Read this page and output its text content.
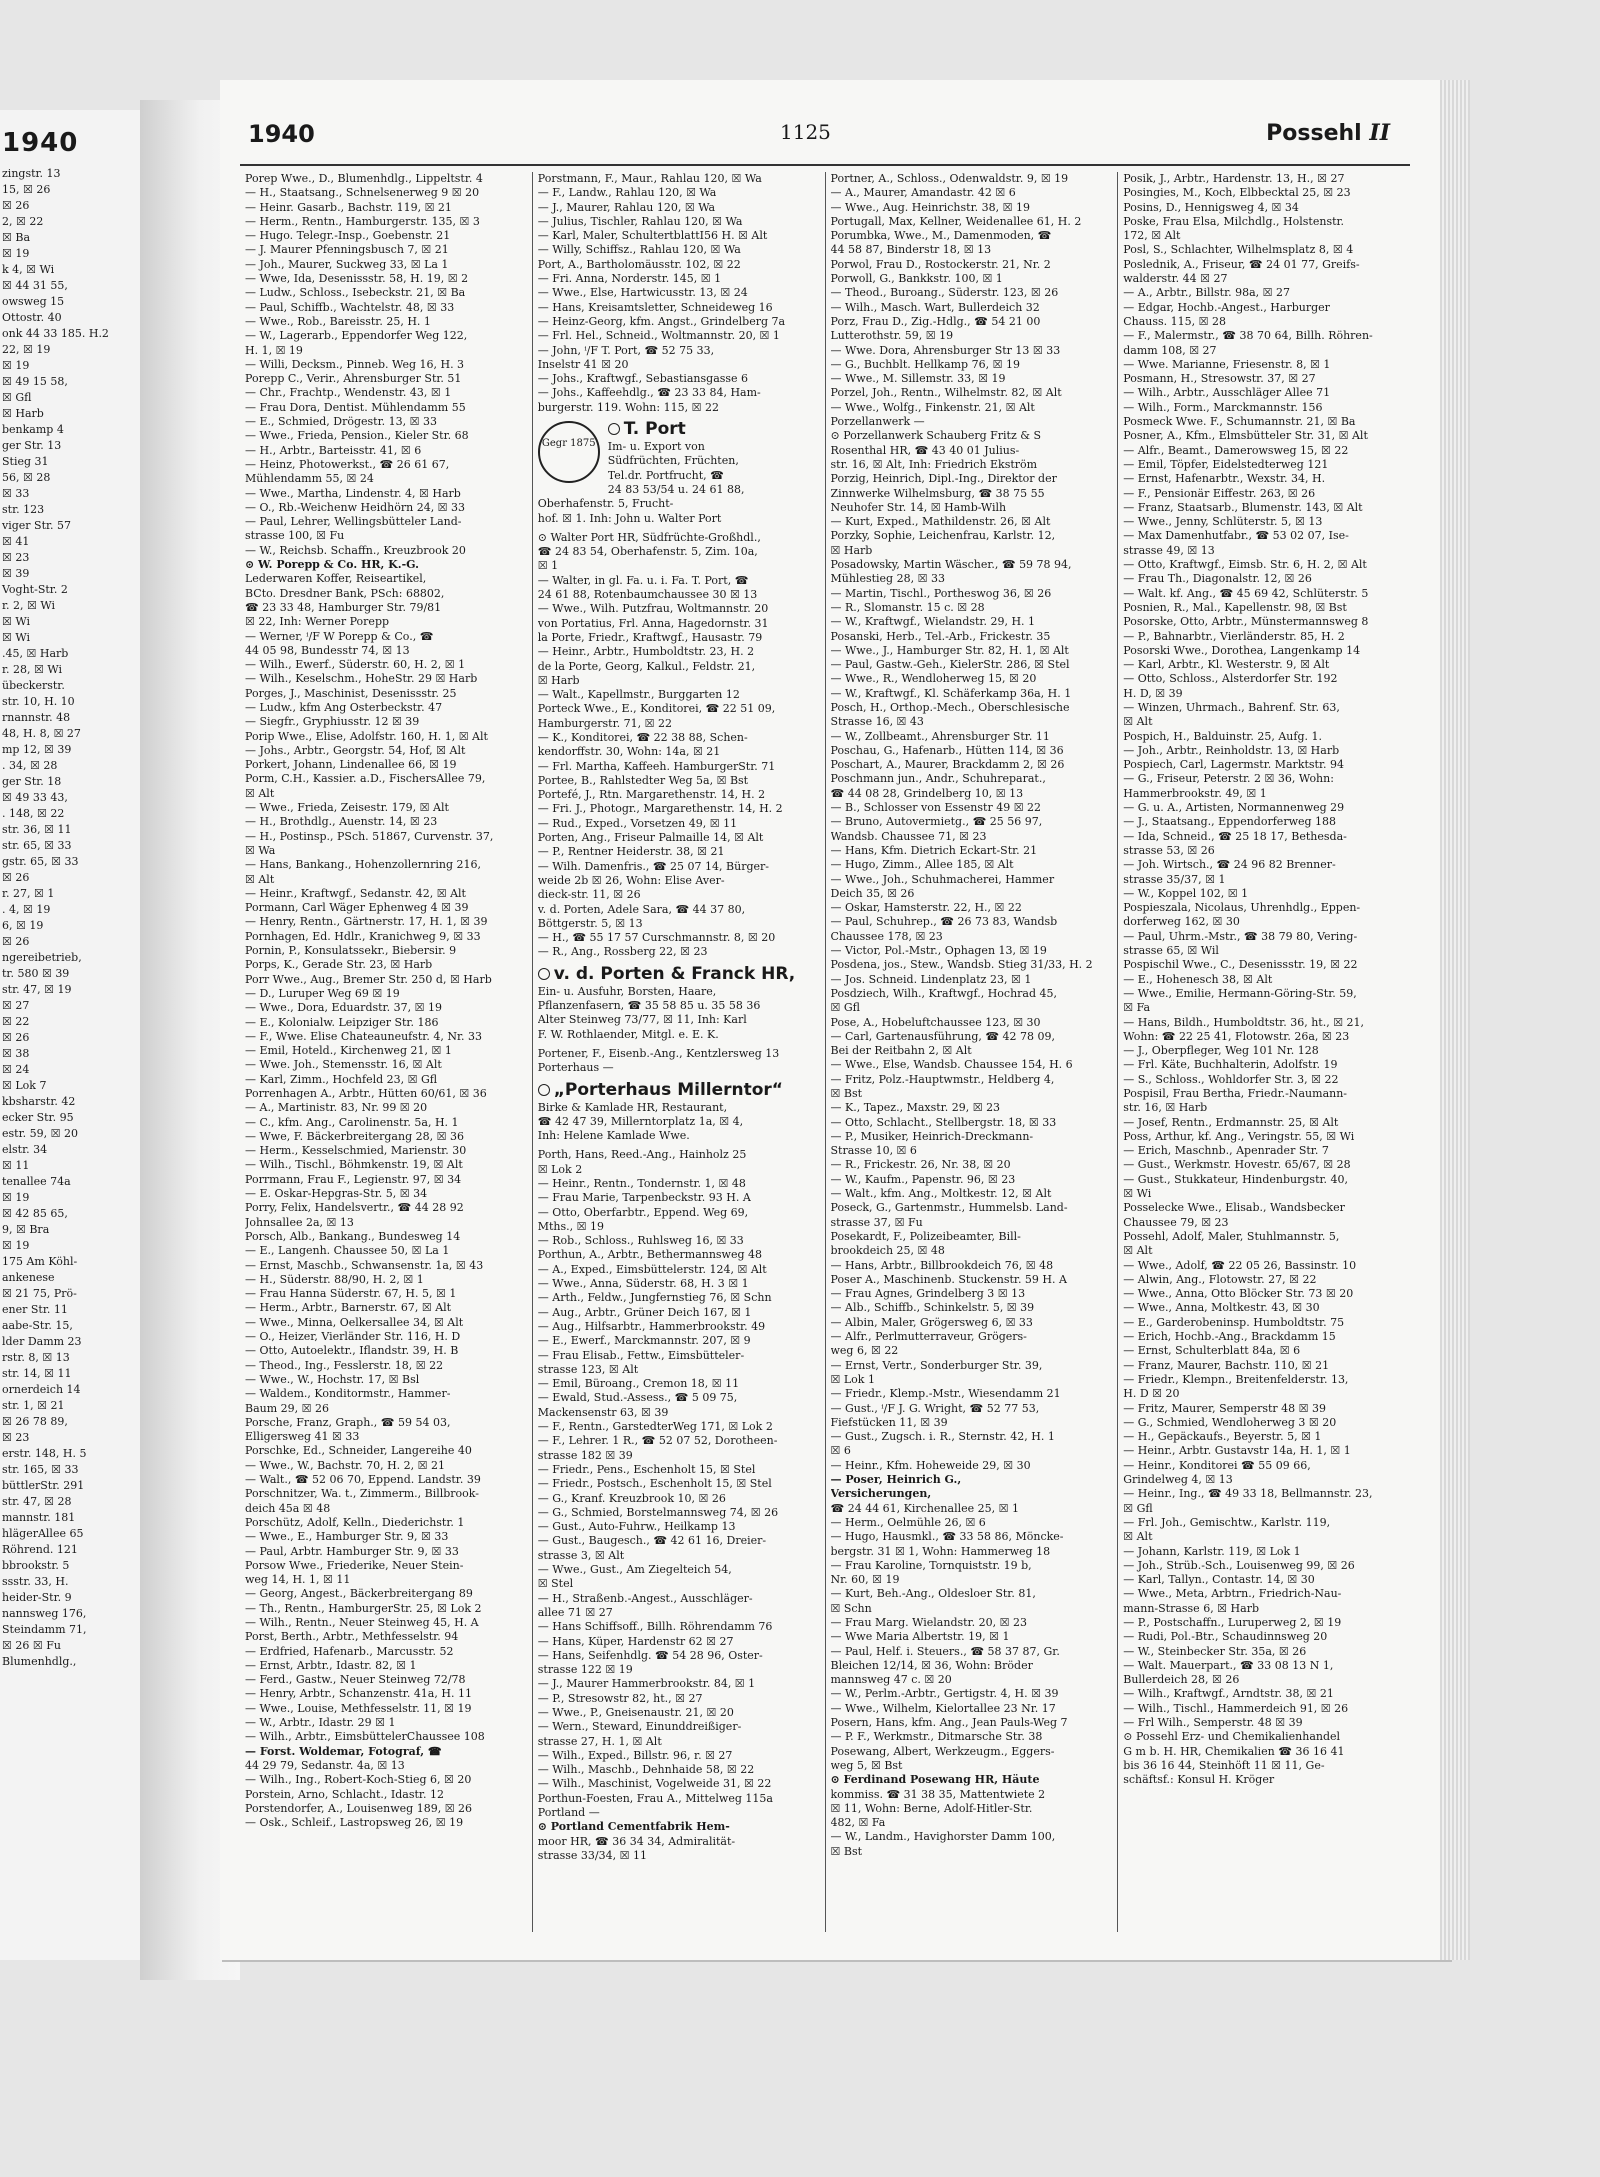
1940
zingstr. 13
15, ☒ 26
☒ 26
2, ☒ 22
☒ Ba
☒ 19
k 4, ☒ Wi
☒ 44 31 55,
owsweg 15
Ottostr. 40
onk 44 33 185. H.2
22, ☒ 19
☒ 19
☒ 49 15 58,
☒ Gfl
☒ Harb
benkamp 4
ger Str. 13
Stieg 31
56, ☒ 28
☒ 33
str. 123
viger Str. 57
☒ 41
☒ 23
☒ 39
Voght-Str. 2
r. 2, ☒ Wi
☒ Wi
☒ Wi
.45, ☒ Harb
r. 28, ☒ Wi
übeckerstr.
str. 10, H. 10
rnannstr. 48
48, H. 8, ☒ 27
mp 12, ☒ 39
. 34, ☒ 28
ger Str. 18
☒ 49 33 43,
. 148, ☒ 22
str. 36, ☒ 11
str. 65, ☒ 33
gstr. 65, ☒ 33
☒ 26
r. 27, ☒ 1
. 4, ☒ 19
6, ☒ 19
☒ 26
ngereibetrieb,
tr. 580 ☒ 39
str. 47, ☒ 19
☒ 27
☒ 22
☒ 26
☒ 38
☒ 24
☒ Lok 7
kbsharstr. 42
ecker Str. 95
estr. 59, ☒ 20
elstr. 34
☒ 11
tenallee 74a
☒ 19
☒ 42 85 65,
9, ☒ Bra
☒ 19
175 Am Köhl-
ankenese
☒ 21 75, Prö-
ener Str. 11
aabe-Str. 15,
lder Damm 23
rstr. 8, ☒ 13
str. 14, ☒ 11
ornerdeich 14
str. 1, ☒ 21
☒ 26 78 89,
☒ 23
erstr. 148, H. 5
str. 165, ☒ 33
büttlerStr. 291
str. 47, ☒ 28
mannstr. 181
hlägerAllee 65
Röhrend. 121
bbrookstr. 5
ssstr. 33, H.
heider-Str. 9
nannsweg 176,
Steindamm 71,
☒ 26 ☒ Fu
Blumenhdlg.,
1940	1125	Possehl II
Porep Wwe., D., Blumenhdlg., Lippeltstr. 4
— H., Staatsang., Schnelsenerweg 9 ☒ 20
— Heinr. Gasarb., Bachstr. 119, ☒ 21
— Herm., Rentn., Hamburgerstr. 135, ☒ 3
— Hugo. Telegr.-Insp., Goebenstr. 21
— J. Maurer Pfenningsbusch 7, ☒ 21
— Joh., Maurer, Suckweg 33, ☒ La 1
— Wwe, Ida, Desenissstr. 58, H. 19, ☒ 2
— Ludw., Schloss., Isebeckstr. 21, ☒ Ba
— Paul, Schiffb., Wachtelstr. 48, ☒ 33
— Wwe., Rob., Bareisstr. 25, H. 1
— W., Lagerarb., Eppendorfer Weg 122,
H. 1, ☒ 19
— Willi, Decksm., Pinneb. Weg 16, H. 3
Porepp C., Verir., Ahrensburger Str. 51
— Chr., Frachtp., Wendenstr. 43, ☒ 1
— Frau Dora, Dentist. Mühlendamm 55
— E., Schmied, Drögestr. 13, ☒ 33
— Wwe., Frieda, Pension., Kieler Str. 68
— H., Arbtr., Barteisstr. 41, ☒ 6
— Heinz, Photowerkst., ☎ 26 61 67,
Mühlendamm 55, ☒ 24
— Wwe., Martha, Lindenstr. 4, ☒ Harb
— O., Rb.-Weichenw Heidhörn 24, ☒ 33
— Paul, Lehrer, Wellingsbütteler Land-
strasse 100, ☒ Fu
— W., Reichsb. Schaffn., Kreuzbrook 20
⊙ W. Porepp & Co. HR, K.-G.
Lederwaren Koffer, Reiseartikel,
BCto. Dresdner Bank, PSch: 68802,
☎ 23 33 48, Hamburger Str. 79/81
☒ 22, Inh: Werner Porepp
— Werner, ⁱ/F W Porepp & Co., ☎
44 05 98, Bundesstr 74, ☒ 13
— Wilh., Ewerf., Süderstr. 60, H. 2, ☒ 1
— Wilh., Keselschm., HoheStr. 29 ☒ Harb
Porges, J., Maschinist, Desenissstr. 25
— Ludw., kfm Ang Osterbeckstr. 47
— Siegfr., Gryphiusstr. 12 ☒ 39
Porip Wwe., Elise, Adolfstr. 160, H. 1, ☒ Alt
— Johs., Arbtr., Georgstr. 54, Hof, ☒ Alt
Porkert, Johann, Lindenallee 66, ☒ 19
Porm, C.H., Kassier. a.D., FischersAllee 79,
☒ Alt
— Wwe., Frieda, Zeisestr. 179, ☒ Alt
— H., Brothdlg., Auenstr. 14, ☒ 23
— H., Postinsp., PSch. 51867, Curvenstr. 37,
☒ Wa
— Hans, Bankang., Hohenzollernring 216,
☒ Alt
— Heinr., Kraftwgf., Sedanstr. 42, ☒ Alt
Pormann, Carl Wäger Ephenweg 4 ☒ 39
— Henry, Rentn., Gärtnerstr. 17, H. 1, ☒ 39
Pornhagen, Ed. Hdlr., Kranichweg 9, ☒ 33
Pornin, P., Konsulatssekr., Biebersir. 9
Porps, K., Gerade Str. 23, ☒ Harb
Porr Wwe., Aug., Bremer Str. 250 d, ☒ Harb
— D., Luruper Weg 69 ☒ 19
— Wwe., Dora, Eduardstr. 37, ☒ 19
— E., Kolonialw. Leipziger Str. 186
— F., Wwe. Elise Chateauneufstr. 4, Nr. 33
— Emil, Hoteld., Kirchenweg 21, ☒ 1
— Wwe. Joh., Stemensstr. 16, ☒ Alt
— Karl, Zimm., Hochfeld 23, ☒ Gfl
Porrenhagen A., Arbtr., Hütten 60/61, ☒ 36
— A., Martinistr. 83, Nr. 99 ☒ 20
— C., kfm. Ang., Carolinenstr. 5a, H. 1
— Wwe, F. Bäckerbreitergang 28, ☒ 36
— Herm., Kesselschmied, Marienstr. 30
— Wilh., Tischl., Böhmkenstr. 19, ☒ Alt
Porrmann, Frau F., Legienstr. 97, ☒ 34
— E. Oskar-Hepgras-Str. 5, ☒ 34
Porry, Felix, Handelsvertr., ☎ 44 28 92
Johnsallee 2a, ☒ 13
Porsch, Alb., Bankang., Bundesweg 14
— E., Langenh. Chaussee 50, ☒ La 1
— Ernst, Maschb., Schwansenstr. 1a, ☒ 43
— H., Süderstr. 88/90, H. 2, ☒ 1
— Frau Hanna Süderstr. 67, H. 5, ☒ 1
— Herm., Arbtr., Barnerstr. 67, ☒ Alt
— Wwe., Minna, Oelkersallee 34, ☒ Alt
— O., Heizer, Vierländer Str. 116, H. D
— Otto, Autoelektr., Iflandstr. 39, H. B
— Theod., Ing., Fesslerstr. 18, ☒ 22
— Wwe., W., Hochstr. 17, ☒ Bsl
— Waldem., Konditormstr., Hammer-
Baum 29, ☒ 26
Porsche, Franz, Graph., ☎ 59 54 03,
Elligersweg 41 ☒ 33
Porschke, Ed., Schneider, Langereihe 40
— Wwe., W., Bachstr. 70, H. 2, ☒ 21
— Walt., ☎ 52 06 70, Eppend. Landstr. 39
Porschnitzer, Wa. t., Zimmerm., Billbrook-
deich 45a ☒ 48
Porschütz, Adolf, Kelln., Diederichstr. 1
— Wwe., E., Hamburger Str. 9, ☒ 33
— Paul, Arbtr. Hamburger Str. 9, ☒ 33
Porsow Wwe., Friederike, Neuer Stein-
weg 14, H. 1, ☒ 11
— Georg, Angest., Bäckerbreitergang 89
— Th., Rentn., HamburgerStr. 25, ☒ Lok 2
— Wilh., Rentn., Neuer Steinweg 45, H. A
Porst, Berth., Arbtr., Methfesselstr. 94
— Erdfried, Hafenarb., Marcusstr. 52
— Ernst, Arbtr., Idastr. 82, ☒ 1
— Ferd., Gastw., Neuer Steinweg 72/78
— Henry, Arbtr., Schanzenstr. 41a, H. 11
— Wwe., Louise, Methfesselstr. 11, ☒ 19
— W., Arbtr., Idastr. 29 ☒ 1
— Wilh., Arbtr., EimsbüttelerChaussee 108
— Forst. Woldemar, Fotograf, ☎
44 29 79, Sedanstr. 4a, ☒ 13
— Wilh., Ing., Robert-Koch-Stieg 6, ☒ 20
Porstein, Arno, Schlacht., Idastr. 12
Porstendorfer, A., Louisenweg 189, ☒ 26
— Osk., Schleif., Lastropsweg 26, ☒ 19
Porstmann, F., Maur., Rahlau 120, ☒ Wa
— F., Landw., Rahlau 120, ☒ Wa
— J., Maurer, Rahlau 120, ☒ Wa
— Julius, Tischler, Rahlau 120, ☒ Wa
— Karl, Maler, SchultertblattI56 H. ☒ Alt
— Willy, Schiffsz., Rahlau 120, ☒ Wa
Port, A., Bartholomäusstr. 102, ☒ 22
— Fri. Anna, Norderstr. 145, ☒ 1
— Wwe., Else, Hartwicusstr. 13, ☒ 24
— Hans, Kreisamtsletter, Schneideweg 16
— Heinz-Georg, kfm. Angst., Grindelberg 7a
— Frl. Hel., Schneid., Woltmannstr. 20, ☒ 1
— John, ⁱ/F T. Port, ☎ 52 75 33,
Inselstr 41 ☒ 20
— Johs., Kraftwgf., Sebastiansgasse 6
— Johs., Kaffeehdlg., ☎ 23 33 84, Ham-
burgerstr. 119. Wohn: 115, ☒ 22
Gegr 1875
T. Port
Im- u. Export von
Südfrüchten, Früchten,
Tel.dr. Portfrucht, ☎
24 83 53/54 u. 24 61 88,
Oberhafenstr. 5, Frucht-
hof. ☒ 1. Inh: John u. Walter Port
⊙ Walter Port HR, Südfrüchte-Großhdl.,
☎ 24 83 54, Oberhafenstr. 5, Zim. 10a,
☒ 1
— Walter, in gl. Fa. u. i. Fa. T. Port, ☎
24 61 88, Rotenbaumchaussee 30 ☒ 13
— Wwe., Wilh. Putzfrau, Woltmannstr. 20
von Portatius, Frl. Anna, Hagedornstr. 31
la Porte, Friedr., Kraftwgf., Hausastr. 79
— Heinr., Arbtr., Humboldtstr. 23, H. 2
de la Porte, Georg, Kalkul., Feldstr. 21,
☒ Harb
— Walt., Kapellmstr., Burggarten 12
Porteck Wwe., E., Konditorei, ☎ 22 51 09,
Hamburgerstr. 71, ☒ 22
— K., Konditorei, ☎ 22 38 88, Schen-
kendorffstr. 30, Wohn: 14a, ☒ 21
— Frl. Martha, Kaffeeh. HamburgerStr. 71
Portee, B., Rahlstedter Weg 5a, ☒ Bst
Portefé, J., Rtn. Margarethenstr. 14, H. 2
— Fri. J., Photogr., Margarethenstr. 14, H. 2
— Rud., Exped., Vorsetzen 49, ☒ 11
Porten, Ang., Friseur Palmaille 14, ☒ Alt
— P., Rentner Heiderstr. 38, ☒ 21
— Wilh. Damenfris., ☎ 25 07 14, Bürger-
weide 2b ☒ 26, Wohn: Elise Aver-
dieck-str. 11, ☒ 26
v. d. Porten, Adele Sara, ☎ 44 37 80,
Böttgerstr. 5, ☒ 13
— H., ☎ 55 17 57 Curschmannstr. 8, ☒ 20
— R., Ang., Rossberg 22, ☒ 23
v. d. Porten & Franck HR,
Ein- u. Ausfuhr, Borsten, Haare,
Pflanzenfasern, ☎ 35 58 85 u. 35 58 36
Alter Steinweg 73/77, ☒ 11, Inh: Karl
F. W. Rothlaender, Mitgl. e. E. K.
Portener, F., Eisenb.-Ang., Kentzlersweg 13
Porterhaus —
„Porterhaus Millerntor“
Birke & Kamlade HR, Restaurant,
☎ 42 47 39, Millerntorplatz 1a, ☒ 4,
Inh: Helene Kamlade Wwe.
Porth, Hans, Reed.-Ang., Hainholz 25
☒ Lok 2
— Heinr., Rentn., Tondernstr. 1, ☒ 48
— Frau Marie, Tarpenbeckstr. 93 H. A
— Otto, Oberfarbtr., Eppend. Weg 69,
Mths., ☒ 19
— Rob., Schloss., Ruhlsweg 16, ☒ 33
Porthun, A., Arbtr., Bethermannsweg 48
— A., Exped., Eimsbüttelerstr. 124, ☒ Alt
— Wwe., Anna, Süderstr. 68, H. 3 ☒ 1
— Arth., Feldw., Jungfernstieg 76, ☒ Schn
— Aug., Arbtr., Grüner Deich 167, ☒ 1
— Aug., Hilfsarbtr., Hammerbrookstr. 49
— E., Ewerf., Marckmannstr. 207, ☒ 9
— Frau Elisab., Fettw., Eimsbütteler-
strasse 123, ☒ Alt
— Emil, Büroang., Cremon 18, ☒ 11
— Ewald, Stud.-Assess., ☎ 5 09 75,
Mackensenstr 63, ☒ 39
— F., Rentn., GarstedterWeg 171, ☒ Lok 2
— F., Lehrer. 1 R., ☎ 52 07 52, Dorotheen-
strasse 182 ☒ 39
— Friedr., Pens., Eschenholt 15, ☒ Stel
— Friedr., Postsch., Eschenholt 15, ☒ Stel
— G., Kranf. Kreuzbrook 10, ☒ 26
— G., Schmied, Borstelmannsweg 74, ☒ 26
— Gust., Auto-Fuhrw., Heilkamp 13
— Gust., Baugesch., ☎ 42 61 16, Dreier-
strasse 3, ☒ Alt
— Wwe., Gust., Am Ziegelteich 54,
☒ Stel
— H., Straßenb.-Angest., Ausschläger-
allee 71 ☒ 27
— Hans Schiffsoff., Billh. Röhrendamm 76
— Hans, Küper, Hardenstr 62 ☒ 27
— Hans, Seifenhdlg. ☎ 54 28 96, Oster-
strasse 122 ☒ 19
— J., Maurer Hammerbrookstr. 84, ☒ 1
— P., Stresowstr 82, ht., ☒ 27
— Wwe., P., Gneisenaustr. 21, ☒ 20
— Wern., Steward, Einunddreißiger-
strasse 27, H. 1, ☒ Alt
— Wilh., Exped., Billstr. 96, r. ☒ 27
— Wilh., Maschb., Dehnhaide 58, ☒ 22
— Wilh., Maschinist, Vogelweide 31, ☒ 22
Porthun-Foesten, Frau A., Mittelweg 115a
Portland —
⊙ Portland Cementfabrik Hem-
moor HR, ☎ 36 34 34, Admiralität-
strasse 33/34, ☒ 11
Portner, A., Schloss., Odenwaldstr. 9, ☒ 19
— A., Maurer, Amandastr. 42 ☒ 6
— Wwe., Aug. Heinrichstr. 38, ☒ 19
Portugall, Max, Kellner, Weidenallee 61, H. 2
Porumbka, Wwe., M., Damenmoden, ☎
44 58 87, Binderstr 18, ☒ 13
Porwol, Frau D., Rostockerstr. 21, Nr. 2
Porwoll, G., Bankkstr. 100, ☒ 1
— Theod., Buroang., Süderstr. 123, ☒ 26
— Wilh., Masch. Wart, Bullerdeich 32
Porz, Frau D., Zig.-Hdlg., ☎ 54 21 00
Lutterothstr. 59, ☒ 19
— Wwe. Dora, Ahrensburger Str 13 ☒ 33
— G., Buchblt. Hellkamp 76, ☒ 19
— Wwe., M. Sillemstr. 33, ☒ 19
Porzel, Joh., Rentn., Wilhelmstr. 82, ☒ Alt
— Wwe., Wolfg., Finkenstr. 21, ☒ Alt
Porzellanwerk —
⊙ Porzellanwerk Schauberg Fritz & S
Rosenthal HR, ☎ 43 40 01 Julius-
str. 16, ☒ Alt, Inh: Friedrich Ekström
Porzig, Heinrich, Dipl.-Ing., Direktor der
Zinnwerke Wilhelmsburg, ☎ 38 75 55
Neuhofer Str. 14, ☒ Hamb-Wilh
— Kurt, Exped., Mathildenstr. 26, ☒ Alt
Porzky, Sophie, Leichenfrau, Karlstr. 12,
☒ Harb
Posadowsky, Martin Wäscher., ☎ 59 78 94,
Mühlestieg 28, ☒ 33
— Martin, Tischl., Portheswog 36, ☒ 26
— R., Slomanstr. 15 c. ☒ 28
— W., Kraftwgf., Wielandstr. 29, H. 1
Posanski, Herb., Tel.-Arb., Frickestr. 35
— Wwe., J., Hamburger Str. 82, H. 1, ☒ Alt
— Paul, Gastw.-Geh., KielerStr. 286, ☒ Stel
— Wwe., R., Wendloherweg 15, ☒ 20
— W., Kraftwgf., Kl. Schäferkamp 36a, H. 1
Posch, H., Orthop.-Mech., Oberschlesische
Strasse 16, ☒ 43
— W., Zollbeamt., Ahrensburger Str. 11
Poschau, G., Hafenarb., Hütten 114, ☒ 36
Poschart, A., Maurer, Brackdamm 2, ☒ 26
Poschmann jun., Andr., Schuhreparat.,
☎ 44 08 28, Grindelberg 10, ☒ 13
— B., Schlosser von Essenstr 49 ☒ 22
— Bruno, Autovermietg., ☎ 25 56 97,
Wandsb. Chaussee 71, ☒ 23
— Hans, Kfm. Dietrich Eckart-Str. 21
— Hugo, Zimm., Allee 185, ☒ Alt
— Wwe., Joh., Schuhmacherei, Hammer
Deich 35, ☒ 26
— Oskar, Hamsterstr. 22, H., ☒ 22
— Paul, Schuhrep., ☎ 26 73 83, Wandsb
Chaussee 178, ☒ 23
— Victor, Pol.-Mstr., Ophagen 13, ☒ 19
Posdena, jos., Stew., Wandsb. Stieg 31/33, H. 2
— Jos. Schneid. Lindenplatz 23, ☒ 1
Posdziech, Wilh., Kraftwgf., Hochrad 45,
☒ Gfl
Pose, A., Hobeluftchaussee 123, ☒ 30
— Carl, Gartenausführung, ☎ 42 78 09,
Bei der Reitbahn 2, ☒ Alt
— Wwe., Else, Wandsb. Chaussee 154, H. 6
— Fritz, Polz.-Hauptwmstr., Heldberg 4,
☒ Bst
— K., Tapez., Maxstr. 29, ☒ 23
— Otto, Schlacht., Stellbergstr. 18, ☒ 33
— P., Musiker, Heinrich-Dreckmann-
Strasse 10, ☒ 6
— R., Frickestr. 26, Nr. 38, ☒ 20
— W., Kaufm., Papenstr. 96, ☒ 23
— Walt., kfm. Ang., Moltkestr. 12, ☒ Alt
Poseck, G., Gartenmstr., Hummelsb. Land-
strasse 37, ☒ Fu
Posekardt, F., Polizeibeamter, Bill-
brookdeich 25, ☒ 48
— Hans, Arbtr., Billbrookdeich 76, ☒ 48
Poser A., Maschinenb. Stuckenstr. 59 H. A
— Frau Agnes, Grindelberg 3 ☒ 13
— Alb., Schiffb., Schinkelstr. 5, ☒ 39
— Albin, Maler, Grögersweg 6, ☒ 33
— Alfr., Perlmutterraveur, Grögers-
weg 6, ☒ 22
— Ernst, Vertr., Sonderburger Str. 39,
☒ Lok 1
— Friedr., Klemp.-Mstr., Wiesendamm 21
— Gust., ⁱ/F J. G. Wright, ☎ 52 77 53,
Fiefstücken 11, ☒ 39
— Gust., Zugsch. i. R., Sternstr. 42, H. 1
☒ 6
— Heinr., Kfm. Hoheweide 29, ☒ 30
— Poser, Heinrich G.,
Versicherungen,
☎ 24 44 61, Kirchenallee 25, ☒ 1
— Herm., Oelmühle 26, ☒ 6
— Hugo, Hausmkl., ☎ 33 58 86, Möncke-
bergstr. 31 ☒ 1, Wohn: Hammerweg 18
— Frau Karoline, Tornquiststr. 19 b,
Nr. 60, ☒ 19
— Kurt, Beh.-Ang., Oldesloer Str. 81,
☒ Schn
— Frau Marg. Wielandstr. 20, ☒ 23
— Wwe Maria Albertstr. 19, ☒ 1
— Paul, Helf. i. Steuers., ☎ 58 37 87, Gr.
Bleichen 12/14, ☒ 36, Wohn: Bröder
mannsweg 47 c. ☒ 20
— W., Perlm.-Arbtr., Gertigstr. 4, H. ☒ 39
— Wwe., Wilhelm, Kielortallee 23 Nr. 17
Posern, Hans, kfm. Ang., Jean Pauls-Weg 7
— P. F., Werkmstr., Ditmarsche Str. 38
Posewang, Albert, Werkzeugm., Eggers-
weg 5, ☒ Bst
⊙ Ferdinand Posewang HR, Häute
kommiss. ☎ 31 38 35, Mattentwiete 2
☒ 11, Wohn: Berne, Adolf-Hitler-Str.
482, ☒ Fa
— W., Landm., Havighorster Damm 100,
☒ Bst
Posik, J., Arbtr., Hardenstr. 13, H., ☒ 27
Posingies, M., Koch, Elbbecktal 25, ☒ 23
Posins, D., Hennigsweg 4, ☒ 34
Poske, Frau Elsa, Milchdlg., Holstenstr.
172, ☒ Alt
Posl, S., Schlachter, Wilhelmsplatz 8, ☒ 4
Poslednik, A., Friseur, ☎ 24 01 77, Greifs-
walderstr. 44 ☒ 27
— A., Arbtr., Billstr. 98a, ☒ 27
— Edgar, Hochb.-Angest., Harburger
Chauss. 115, ☒ 28
— F., Malermstr., ☎ 38 70 64, Billh. Röhren-
damm 108, ☒ 27
— Wwe. Marianne, Friesenstr. 8, ☒ 1
Posmann, H., Stresowstr. 37, ☒ 27
— Wilh., Arbtr., Ausschläger Allee 71
— Wilh., Form., Marckmannstr. 156
Posmeck Wwe. F., Schumannstr. 21, ☒ Ba
Posner, A., Kfm., Elmsbütteler Str. 31, ☒ Alt
— Alfr., Beamt., Damerowsweg 15, ☒ 22
— Emil, Töpfer, Eidelstedterweg 121
— Ernst, Hafenarbtr., Wexstr. 34, H.
— F., Pensionär Eiffestr. 263, ☒ 26
— Franz, Staatsarb., Blumenstr. 143, ☒ Alt
— Wwe., Jenny, Schlüterstr. 5, ☒ 13
— Max Damenhutfabr., ☎ 53 02 07, Ise-
strasse 49, ☒ 13
— Otto, Kraftwgf., Eimsb. Str. 6, H. 2, ☒ Alt
— Frau Th., Diagonalstr. 12, ☒ 26
— Walt. kf. Ang., ☎ 45 69 42, Schlüterstr. 5
Posnien, R., Mal., Kapellenstr. 98, ☒ Bst
Posorske, Otto, Arbtr., Münstermannsweg 8
— P., Bahnarbtr., Vierländerstr. 85, H. 2
Posorski Wwe., Dorothea, Langenkamp 14
— Karl, Arbtr., Kl. Westerstr. 9, ☒ Alt
— Otto, Schloss., Alsterdorfer Str. 192
H. D, ☒ 39
— Winzen, Uhrmach., Bahrenf. Str. 63,
☒ Alt
Pospich, H., Balduinstr. 25, Aufg. 1.
— Joh., Arbtr., Reinholdstr. 13, ☒ Harb
Pospiech, Carl, Lagermstr. Marktstr. 94
— G., Friseur, Peterstr. 2 ☒ 36, Wohn:
Hammerbrookstr. 49, ☒ 1
— G. u. A., Artisten, Normannenweg 29
— J., Staatsang., Eppendorferweg 188
— Ida, Schneid., ☎ 25 18 17, Bethesda-
strasse 53, ☒ 26
— Joh. Wirtsch., ☎ 24 96 82 Brenner-
strasse 35/37, ☒ 1
— W., Koppel 102, ☒ 1
Pospieszala, Nicolaus, Uhrenhdlg., Eppen-
dorferweg 162, ☒ 30
— Paul, Uhrm.-Mstr., ☎ 38 79 80, Vering-
strasse 65, ☒ Wil
Pospischil Wwe., C., Desenissstr. 19, ☒ 22
— E., Hohenesch 38, ☒ Alt
— Wwe., Emilie, Hermann-Göring-Str. 59,
☒ Fa
— Hans, Bildh., Humboldtstr. 36, ht., ☒ 21,
Wohn: ☎ 22 25 41, Flotowstr. 26a, ☒ 23
— J., Oberpfleger, Weg 101 Nr. 128
— Frl. Käte, Buchhalterin, Adolfstr. 19
— S., Schloss., Wohldorfer Str. 3, ☒ 22
Pospisil, Frau Bertha, Friedr.-Naumann-
str. 16, ☒ Harb
— Josef, Rentn., Erdmannstr. 25, ☒ Alt
Poss, Arthur, kf. Ang., Veringstr. 55, ☒ Wi
— Erich, Maschnb., Apenrader Str. 7
— Gust., Werkmstr. Hovestr. 65/67, ☒ 28
— Gust., Stukkateur, Hindenburgstr. 40,
☒ Wi
Posselecke Wwe., Elisab., Wandsbecker
Chaussee 79, ☒ 23
Possehl, Adolf, Maler, Stuhlmannstr. 5,
☒ Alt
— Wwe., Adolf, ☎ 22 05 26, Bassinstr. 10
— Alwin, Ang., Flotowstr. 27, ☒ 22
— Wwe., Anna, Otto Blöcker Str. 73 ☒ 20
— Wwe., Anna, Moltkestr. 43, ☒ 30
— E., Garderobeninsp. Humboldtstr. 75
— Erich, Hochb.-Ang., Brackdamm 15
— Ernst, Schulterblatt 84a, ☒ 6
— Franz, Maurer, Bachstr. 110, ☒ 21
— Friedr., Klempn., Breitenfelderstr. 13,
H. D ☒ 20
— Fritz, Maurer, Semperstr 48 ☒ 39
— G., Schmied, Wendloherweg 3 ☒ 20
— H., Gepäckaufs., Beyerstr. 5, ☒ 1
— Heinr., Arbtr. Gustavstr 14a, H. 1, ☒ 1
— Heinr., Konditorei ☎ 55 09 66,
Grindelweg 4, ☒ 13
— Heinr., Ing., ☎ 49 33 18, Bellmannstr. 23,
☒ Gfl
— Frl. Joh., Gemischtw., Karlstr. 119,
☒ Alt
— Johann, Karlstr. 119, ☒ Lok 1
— Joh., Strüb.-Sch., Louisenweg 99, ☒ 26
— Karl, Tallyn., Contastr. 14, ☒ 30
— Wwe., Meta, Arbtrn., Friedrich-Nau-
mann-Strasse 6, ☒ Harb
— P., Postschaffn., Luruperweg 2, ☒ 19
— Rudi, Pol.-Btr., Schaudinnsweg 20
— W., Steinbecker Str. 35a, ☒ 26
— Walt. Mauerpart., ☎ 33 08 13 N 1,
Bullerdeich 28, ☒ 26
— Wilh., Kraftwgf., Arndtstr. 38, ☒ 21
— Wilh., Tischl., Hammerdeich 91, ☒ 26
— Frl Wilh., Semperstr. 48 ☒ 39
⊙ Possehl Erz- und Chemikalienhandel
G m b. H. HR, Chemikalien ☎ 36 16 41
bis 36 16 44, Steinhöft 11 ☒ 11, Ge-
schäftsf.: Konsul H. Kröger
